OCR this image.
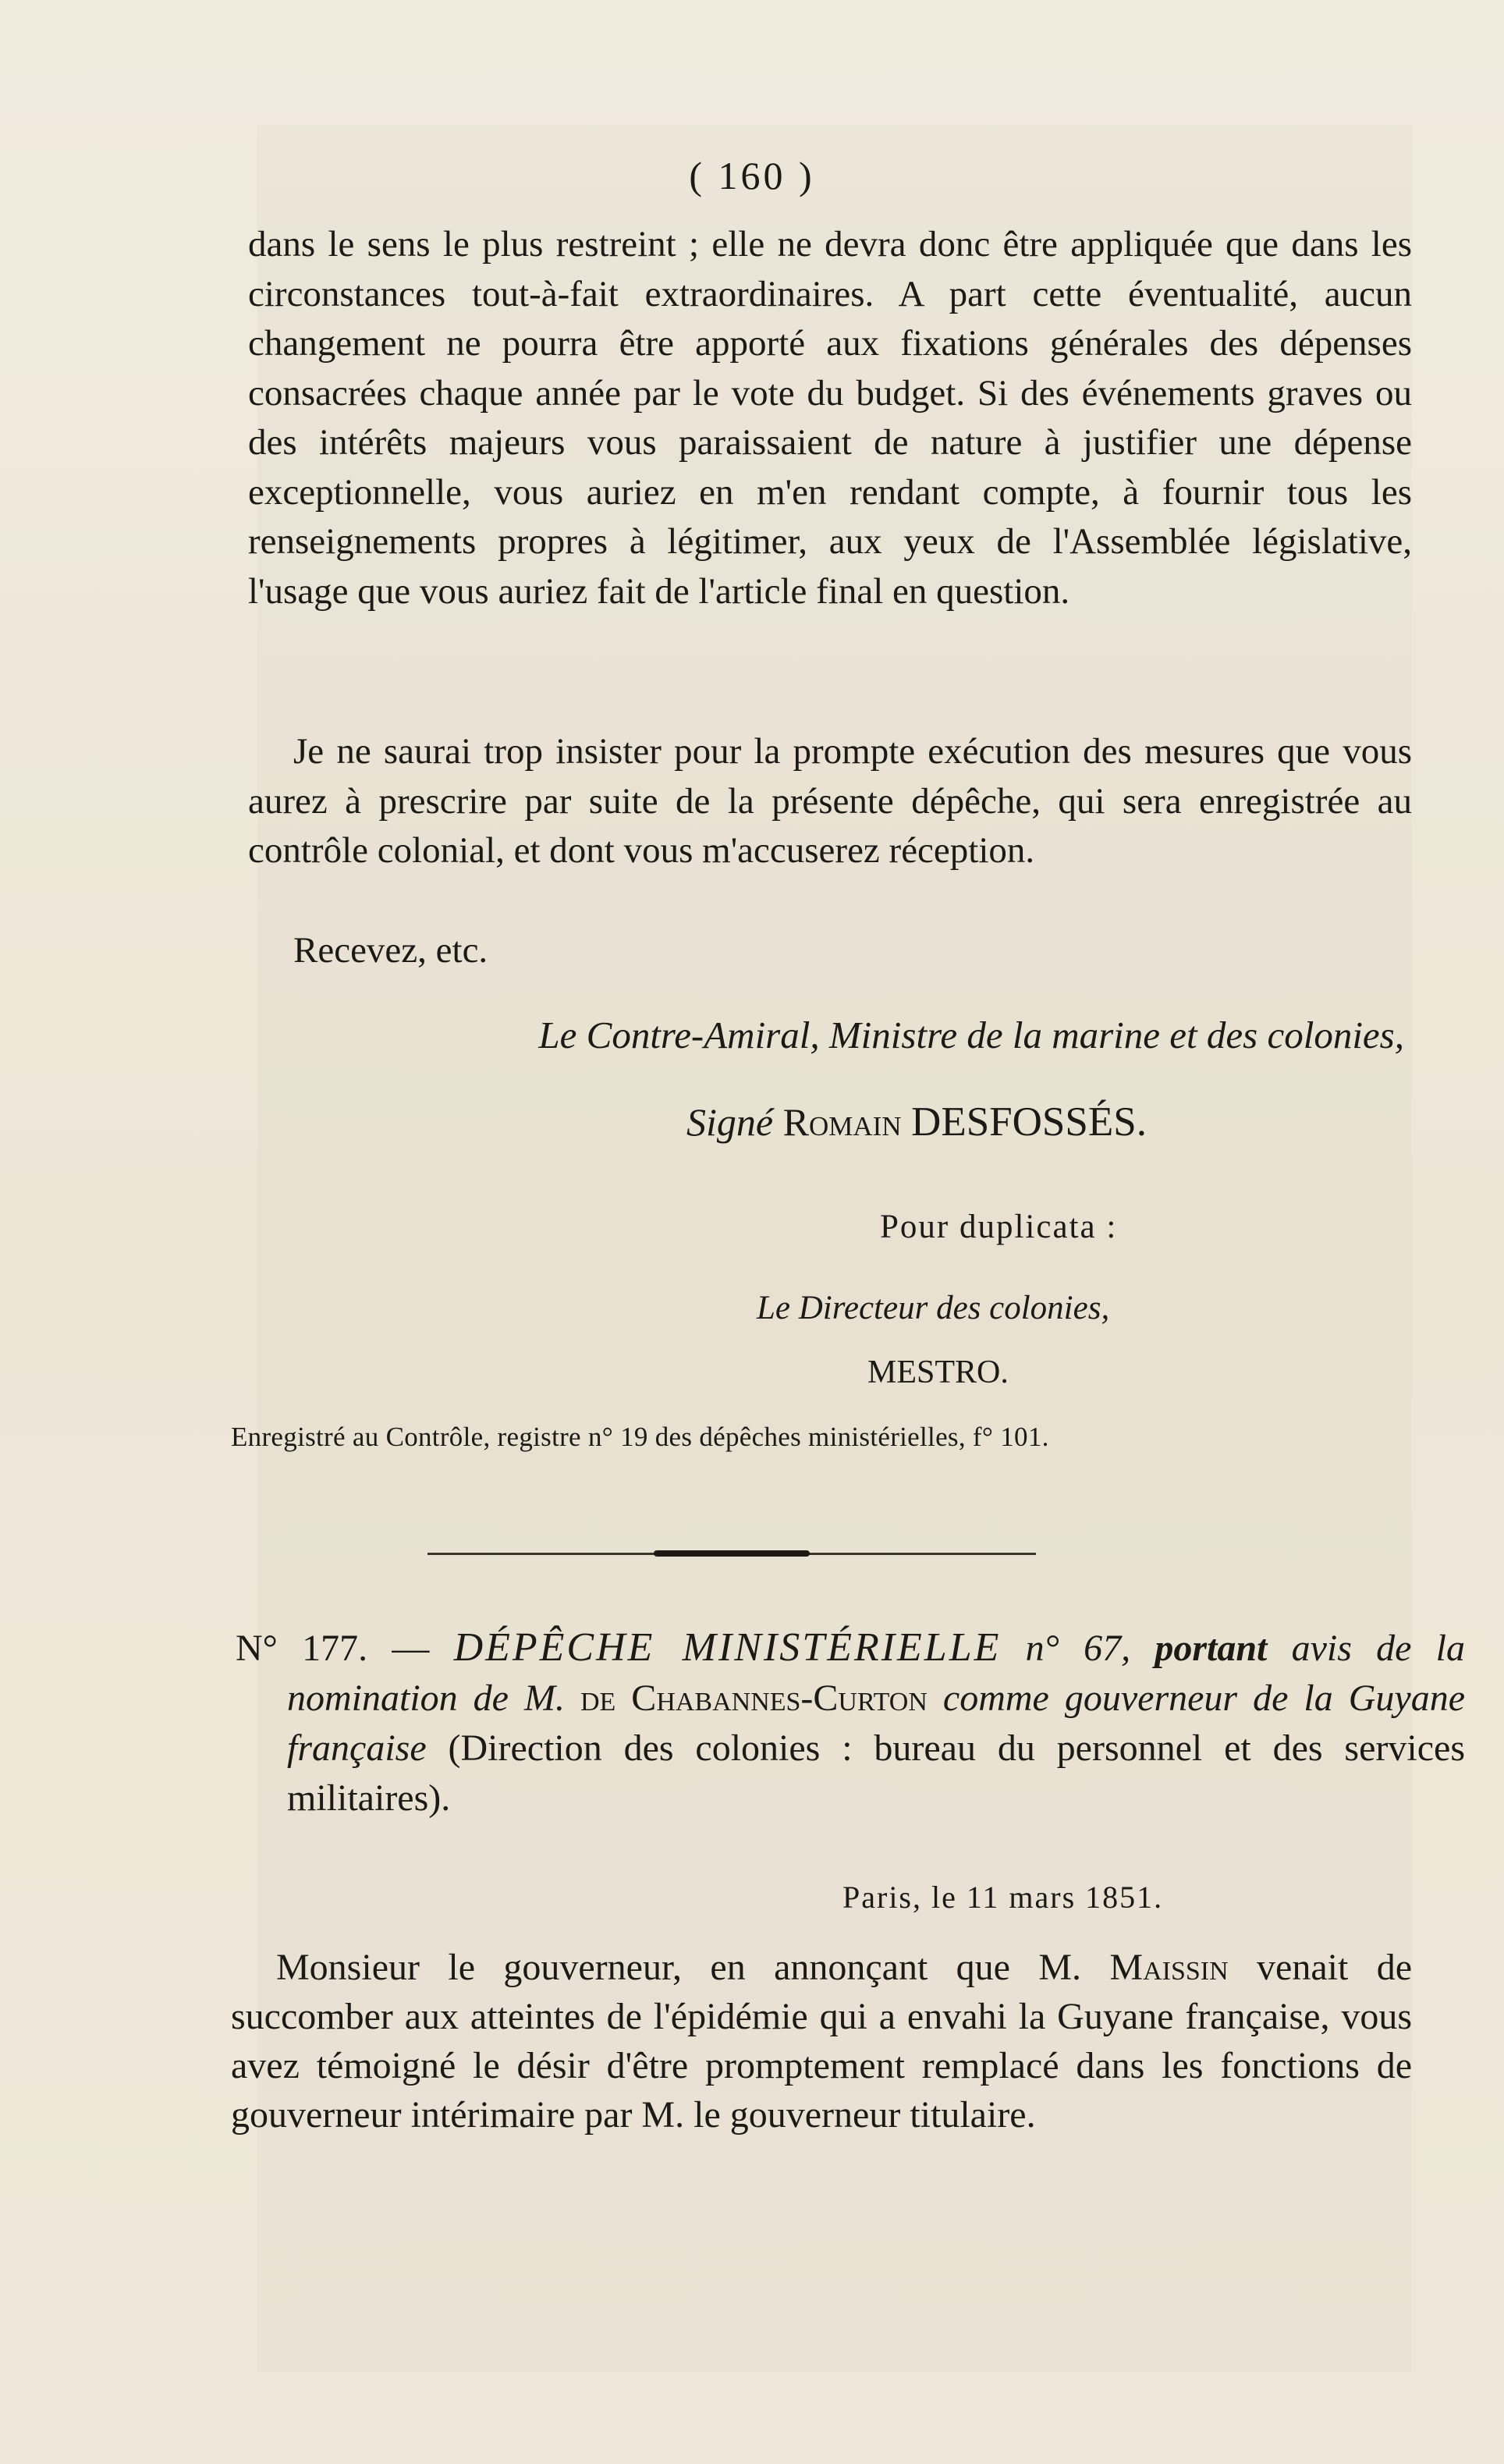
( 160 )

dans le sens le plus restreint ; elle ne devra donc être appliquée que dans les circonstances tout-à-fait extraordinaires. A part cette éventualité, aucun changement ne pourra être apporté aux fixations générales des dépenses consacrées chaque année par le vote du budget. Si des événements graves ou des intérêts majeurs vous paraissaient de nature à justifier une dépense exceptionnelle, vous auriez en m'en rendant compte, à fournir tous les renseignements propres à légitimer, aux yeux de l'Assemblée législative, l'usage que vous auriez fait de l'article final en question.

Je ne saurai trop insister pour la prompte exécution des mesures que vous aurez à prescrire par suite de la présente dépêche, qui sera enregistrée au contrôle colonial, et dont vous m'accuserez réception.

Recevez, etc.

Le Contre-Amiral, Ministre de la marine et des colonies,
Signé Romain DESFOSSÉS.
Pour duplicata :
Le Directeur des colonies,
MESTRO.
Enregistré au Contrôle, registre n° 19 des dépêches ministérielles, f° 101.
N° 177. — DÉPÊCHE MINISTÉRIELLE n° 67, portant avis de la nomination de M. de Chabannes-Curton comme gouverneur de la Guyane française (Direction des colonies : bureau du personnel et des services militaires).
Paris, le 11 mars 1851.

Monsieur le gouverneur, en annonçant que M. Maissin venait de succomber aux atteintes de l'épidémie qui a envahi la Guyane française, vous avez témoigné le désir d'être promptement remplacé dans les fonctions de gouverneur intérimaire par M. le gouverneur titulaire.
